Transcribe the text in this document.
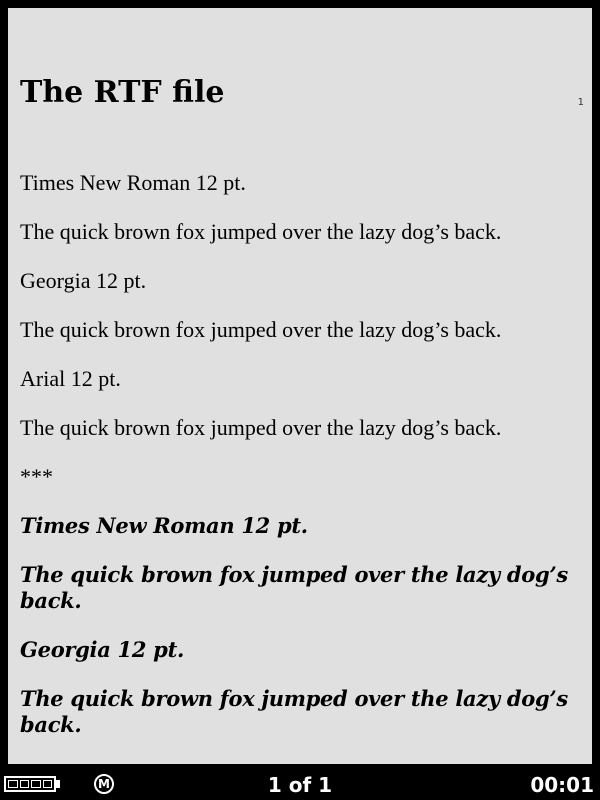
1
The RTF file

Times New Roman 12 pt.

The quick brown fox jumped over the lazy dog’s back.

Georgia 12 pt.

The quick brown fox jumped over the lazy dog’s back.

Arial 12 pt.

The quick brown fox jumped over the lazy dog’s back.

***

Times New Roman 12 pt.

The quick brown fox jumped over the lazy dog’s back.

Georgia 12 pt.

The quick brown fox jumped over the lazy dog’s back.

M	1 of 1	00:01
